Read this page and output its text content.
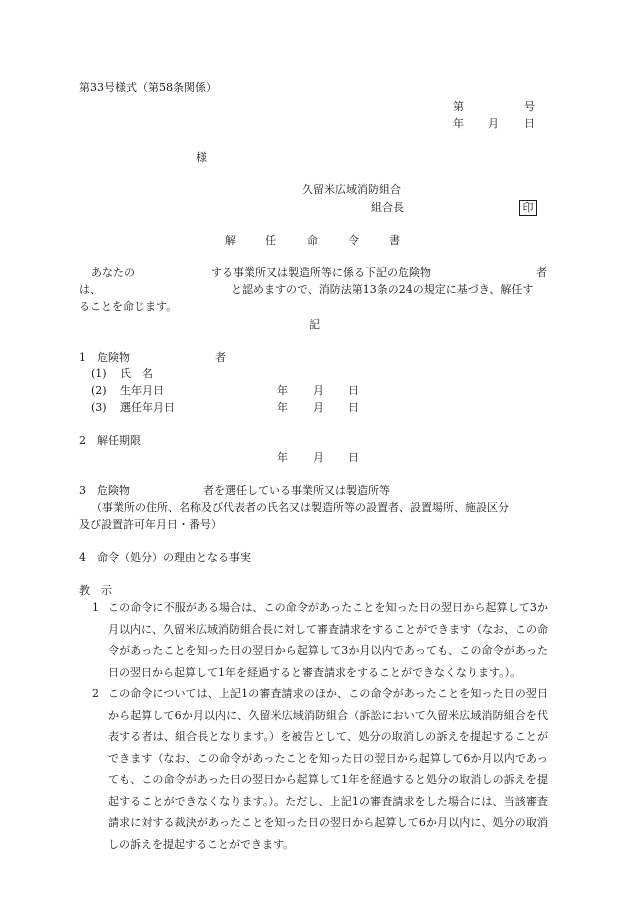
第33号様式（第58条関係）

第	号
年 月 日
様
久留米広域消防組合
組合長	印
解	任	命	令	書
あなたの	する事業所又は製造所等に係る下記の危険物	者
は、	と認めますので、消防法第13条の24の規定に基づき、解任す
ることを命じます。
記
1　危険物	者
(1) 氏　名
(2) 生年月日	年 月 日
(3) 選任年月日	年 月 日
2　解任期限
年 月 日
3　危険物	者を選任している事業所又は製造所等
（事業所の住所、名称及び代表者の氏名又は製造所等の設置者、設置場所、施設区分
及び設置許可年月日・番号）
4　命令（処分）の理由となる事実
教　示
1 この命令に不服がある場合は、この命令があったことを知った日の翌日から起算して3か月以内に、久留米広域消防組合長に対して審査請求をすることができます（なお、この命令があったことを知った日の翌日から起算して3か月以内であっても、この命令があった日の翌日から起算して1年を経過すると審査請求をすることができなくなります。）。

2 この命令については、上記1の審査請求のほか、この命令があったことを知った日の翌日から起算して6か月以内に、久留米広域消防組合（訴訟において久留米広域消防組合を代表する者は、組合長となります。）を被告として、処分の取消しの訴えを提起することができます（なお、この命令があったことを知った日の翌日から起算して6か月以内であっても、この命令があった日の翌日から起算して1年を経過すると処分の取消しの訴えを提起することができなくなります。）。ただし、上記1の審査請求をした場合には、当該審査請求に対する裁決があったことを知った日の翌日から起算して6か月以内に、処分の取消しの訴えを提起することができます。
